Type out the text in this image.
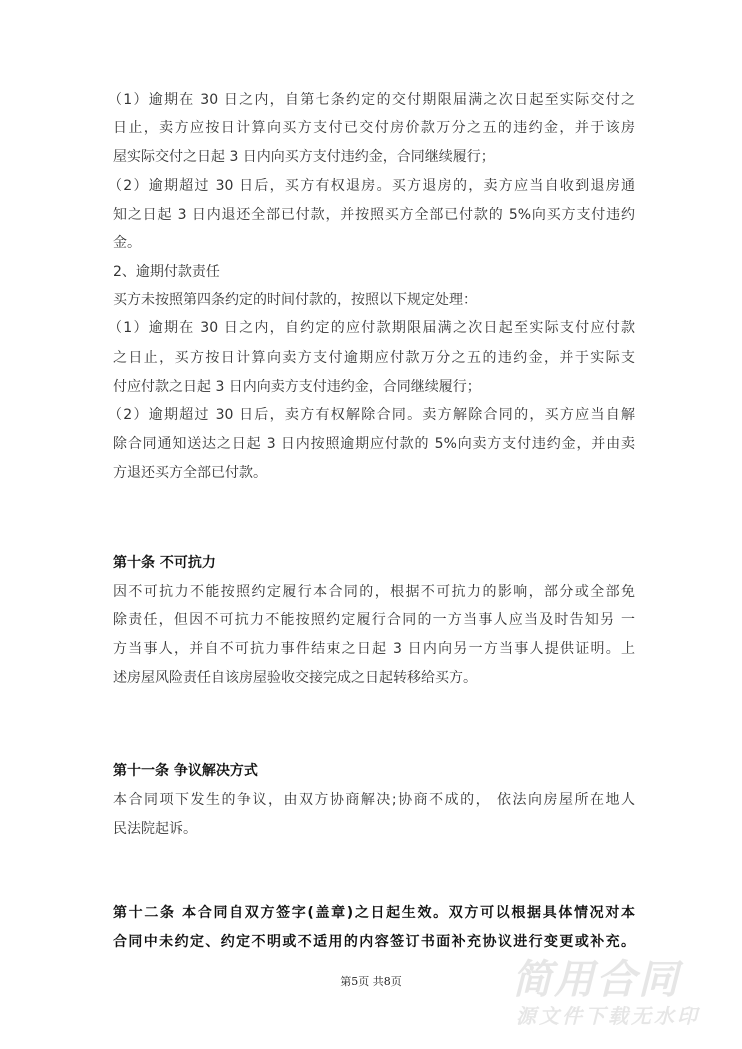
（1）逾期在 30 日之内，自第七条约定的交付期限届满之次日起至实际交付之
日止，卖方应按日计算向买方支付已交付房价款万分之五的违约金，并于该房
屋实际交付之日起 3 日内向买方支付违约金，合同继续履行；
（2）逾期超过 30 日后，买方有权退房。买方退房的，卖方应当自收到退房通
知之日起 3 日内退还全部已付款，并按照买方全部已付款的 5%向买方支付违约
金。
2、逾期付款责任
买方未按照第四条约定的时间付款的，按照以下规定处理：
（1）逾期在 30 日之内，自约定的应付款期限届满之次日起至实际支付应付款
之日止，买方按日计算向卖方支付逾期应付款万分之五的违约金，并于实际支
付应付款之日起 3 日内向卖方支付违约金，合同继续履行；
（2）逾期超过 30 日后，卖方有权解除合同。卖方解除合同的，买方应当自解
除合同通知送达之日起 3 日内按照逾期应付款的 5%向卖方支付违约金，并由卖
方退还买方全部已付款。
第十条 不可抗力
因不可抗力不能按照约定履行本合同的，根据不可抗力的影响，部分或全部免
除责任，但因不可抗力不能按照约定履行合同的一方当事人应当及时告知另 一
方当事人，并自不可抗力事件结束之日起 3 日内向另一方当事人提供证明。上
述房屋风险责任自该房屋验收交接完成之日起转移给买方。
第十一条 争议解决方式
本合同项下发生的争议，由双方协商解决;协商不成的， 依法向房屋所在地人
民法院起诉。
第十二条 本合同自双方签字(盖章)之日起生效。双方可以根据具体情况对本
合同中未约定、约定不明或不适用的内容签订书面补充协议进行变更或补充。
简用合同
源文件下载无水印
第5页 共8页
